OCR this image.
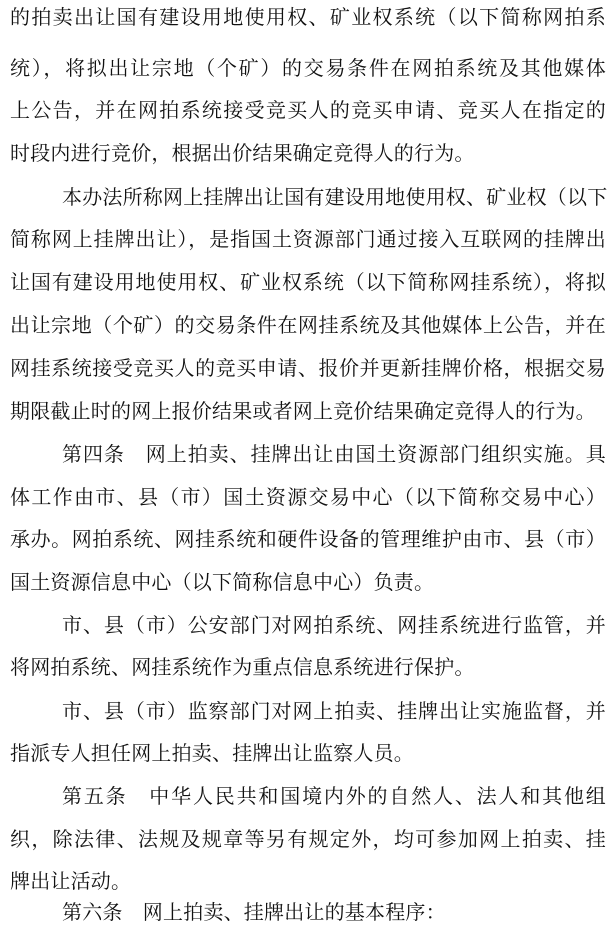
的拍卖出让国有建设用地使用权、矿业权系统（以下简称网拍系
统），将拟出让宗地（个矿）的交易条件在网拍系统及其他媒体
上公告，并在网拍系统接受竞买人的竞买申请、竞买人在指定的
时段内进行竞价，根据出价结果确定竞得人的行为。
本办法所称网上挂牌出让国有建设用地使用权、矿业权（以下
简称网上挂牌出让），是指国土资源部门通过接入互联网的挂牌出
让国有建设用地使用权、矿业权系统（以下简称网挂系统），将拟
出让宗地（个矿）的交易条件在网挂系统及其他媒体上公告，并在
网挂系统接受竞买人的竞买申请、报价并更新挂牌价格，根据交易
期限截止时的网上报价结果或者网上竞价结果确定竞得人的行为。
第四条　网上拍卖、挂牌出让由国土资源部门组织实施。具
体工作由市、县（市）国土资源交易中心（以下简称交易中心）
承办。网拍系统、网挂系统和硬件设备的管理维护由市、县（市）
国土资源信息中心（以下简称信息中心）负责。
市、县（市）公安部门对网拍系统、网挂系统进行监管，并
将网拍系统、网挂系统作为重点信息系统进行保护。
市、县（市）监察部门对网上拍卖、挂牌出让实施监督，并
指派专人担任网上拍卖、挂牌出让监察人员。
第五条　中华人民共和国境内外的自然人、法人和其他组
织，除法律、法规及规章等另有规定外，均可参加网上拍卖、挂
牌出让活动。
第六条　网上拍卖、挂牌出让的基本程序：
